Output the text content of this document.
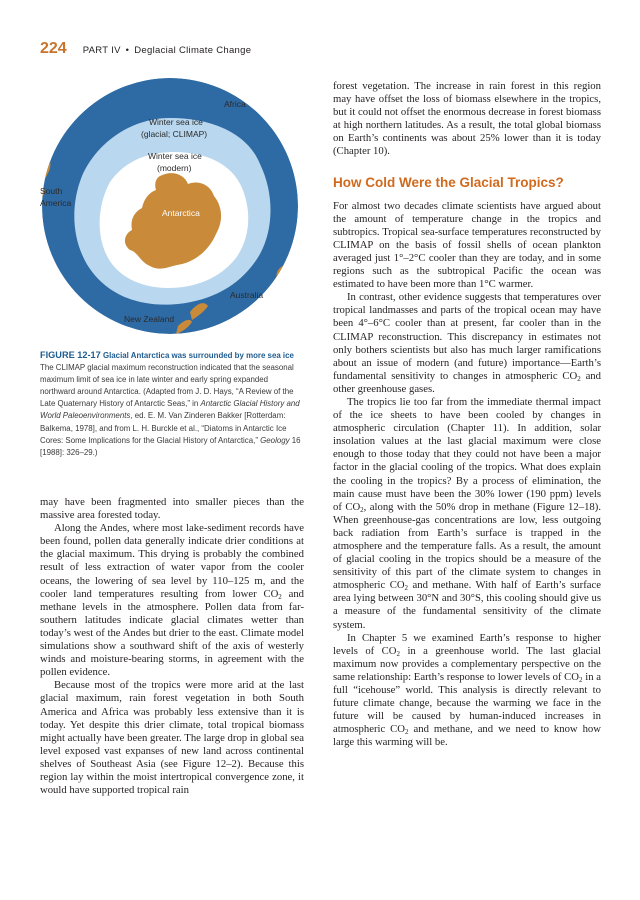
224 PART IV • Deglacial Climate Change
Africa
Winter sea ice
(glacial; CLIMAP)
Winter sea ice
(modern)
South
America
Antarctica
Australia
New Zealand
FIGURE 12-17 Glacial Antarctica was surrounded by more sea ice The CLIMAP glacial maximum reconstruction indicated that the seasonal maximum limit of sea ice in late winter and early spring expanded northward around Antarctica. (Adapted from J. D. Hays, “A Review of the Late Quaternary History of Antarctic Seas,” in Antarctic Glacial History and World Paleoenvironments, ed. E. M. Van Zinderen Bakker [Rotterdam: Balkema, 1978], and from L. H. Burckle et al., “Diatoms in Antarctic Ice Cores: Some Implications for the Glacial History of Antarctica,” Geology 16 [1988]: 326–29.)

may have been fragmented into smaller pieces than the massive area forested today.

Along the Andes, where most lake-sediment records have been found, pollen data generally indicate drier conditions at the glacial maximum. This drying is probably the combined result of less extraction of water vapor from the cooler oceans, the lowering of sea level by 110–125 m, and the cooler land temperatures resulting from lower $CO_2$ and methane levels in the atmosphere. Pollen data from far-southern latitudes indicate glacial climates wetter than today’s west of the Andes but drier to the east. Climate model simulations show a southward shift of the axis of westerly winds and moisture-bearing storms, in agreement with the pollen evidence.

Because most of the tropics were more arid at the last glacial maximum, rain forest vegetation in both South America and Africa was probably less extensive than it is today. Yet despite this drier climate, total tropical biomass might actually have been greater. The large drop in global sea level exposed vast expanses of new land across continental shelves of Southeast Asia (see Figure 12–2). Because this region lay within the moist intertropical convergence zone, it would have supported tropical rain

forest vegetation. The increase in rain forest in this region may have offset the loss of biomass elsewhere in the tropics, but it could not offset the enormous decrease in forest biomass at high northern latitudes. As a result, the total global biomass on Earth’s continents was about 25% lower than it is today (Chapter 10).

How Cold Were the Glacial Tropics?

For almost two decades climate scientists have argued about the amount of temperature change in the tropics and subtropics. Tropical sea-surface temperatures reconstructed by CLIMAP on the basis of fossil shells of ocean plankton averaged just 1°–2°C cooler than they are today, and in some regions such as the subtropical Pacific the ocean was estimated to have been more than 1°C warmer.

In contrast, other evidence suggests that temperatures over tropical landmasses and parts of the tropical ocean may have been 4°–6°C cooler than at present, far cooler than in the CLIMAP reconstruction. This discrepancy in estimates not only bothers scientists but also has much larger ramifications about an issue of modern (and future) importance—Earth’s fundamental sensitivity to changes in atmospheric $CO_2$ and other greenhouse gases.

The tropics lie too far from the immediate thermal impact of the ice sheets to have been cooled by changes in atmospheric circulation (Chapter 11). In addition, solar insolation values at the last glacial maximum were close enough to those today that they could not have been a major factor in the glacial cooling of the tropics. What does explain the cooling in the tropics? By a process of elimination, the main cause must have been the 30% lower (190 ppm) levels of $CO_2$, along with the 50% drop in methane (Figure 12–18). When greenhouse-gas concentrations are low, less outgoing back radiation from Earth’s surface is trapped in the atmosphere and the temperature falls. As a result, the amount of glacial cooling in the tropics should be a measure of the sensitivity of this part of the climate system to changes in atmospheric $CO_2$ and methane. With half of Earth’s surface area lying between 30°N and 30°S, this cooling should give us a measure of the fundamental sensitivity of the climate system.

In Chapter 5 we examined Earth’s response to higher levels of $CO_2$ in a greenhouse world. The last glacial maximum now provides a complementary perspective on the same relationship: Earth’s response to lower levels of $CO_2$ in a full “icehouse” world. This analysis is directly relevant to future climate change, because the warming we face in the future will be caused by human-induced increases in atmospheric $CO_2$ and methane, and we need to know how large this warming will be.
